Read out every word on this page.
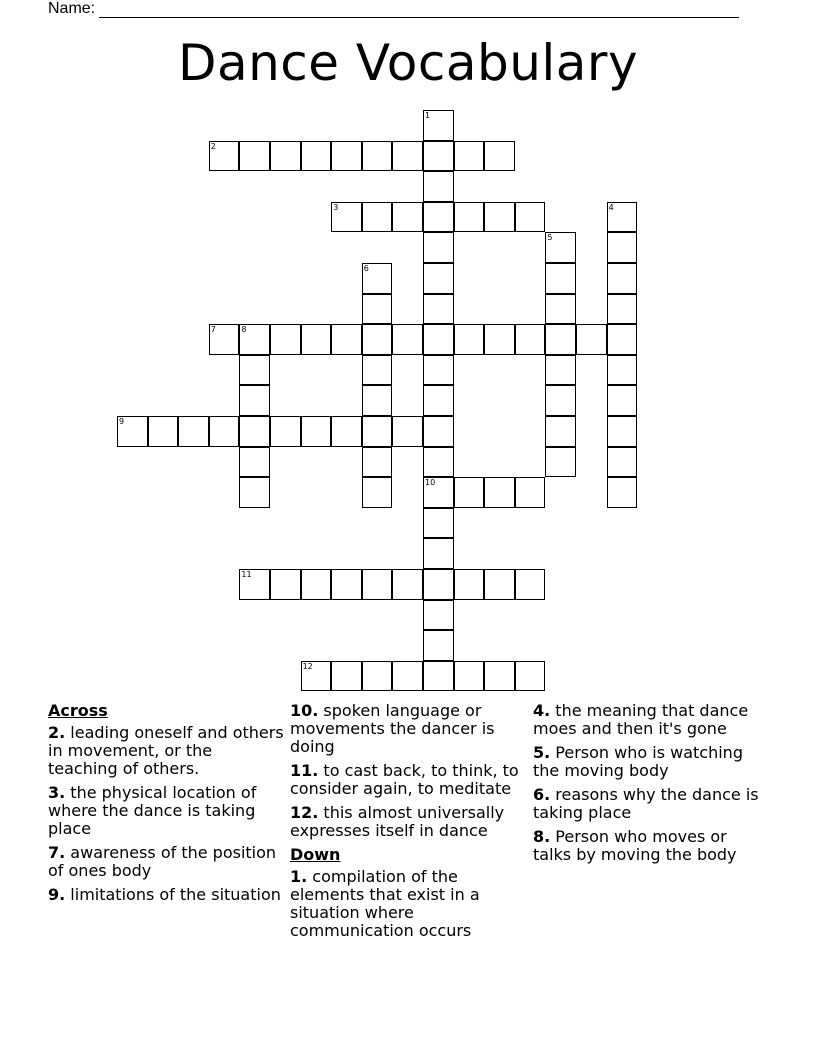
Name:
Dance Vocabulary
2
3
7	8
9
10
11
12
1
4
5
6
Across
2. leading oneself and others in movement, or the teaching of others.
3. the physical location of where the dance is taking place
7. awareness of the position of ones body
9. limitations of the situation
10. spoken language or movements the dancer is doing
11. to cast back, to think, to consider again, to meditate
12. this almost universally expresses itself in dance
Down
1. compilation of the elements that exist in a situation where communication occurs
4. the meaning that dance moes and then it's gone
5. Person who is watching the moving body
6. reasons why the dance is taking place
8. Person who moves or talks by moving the body
